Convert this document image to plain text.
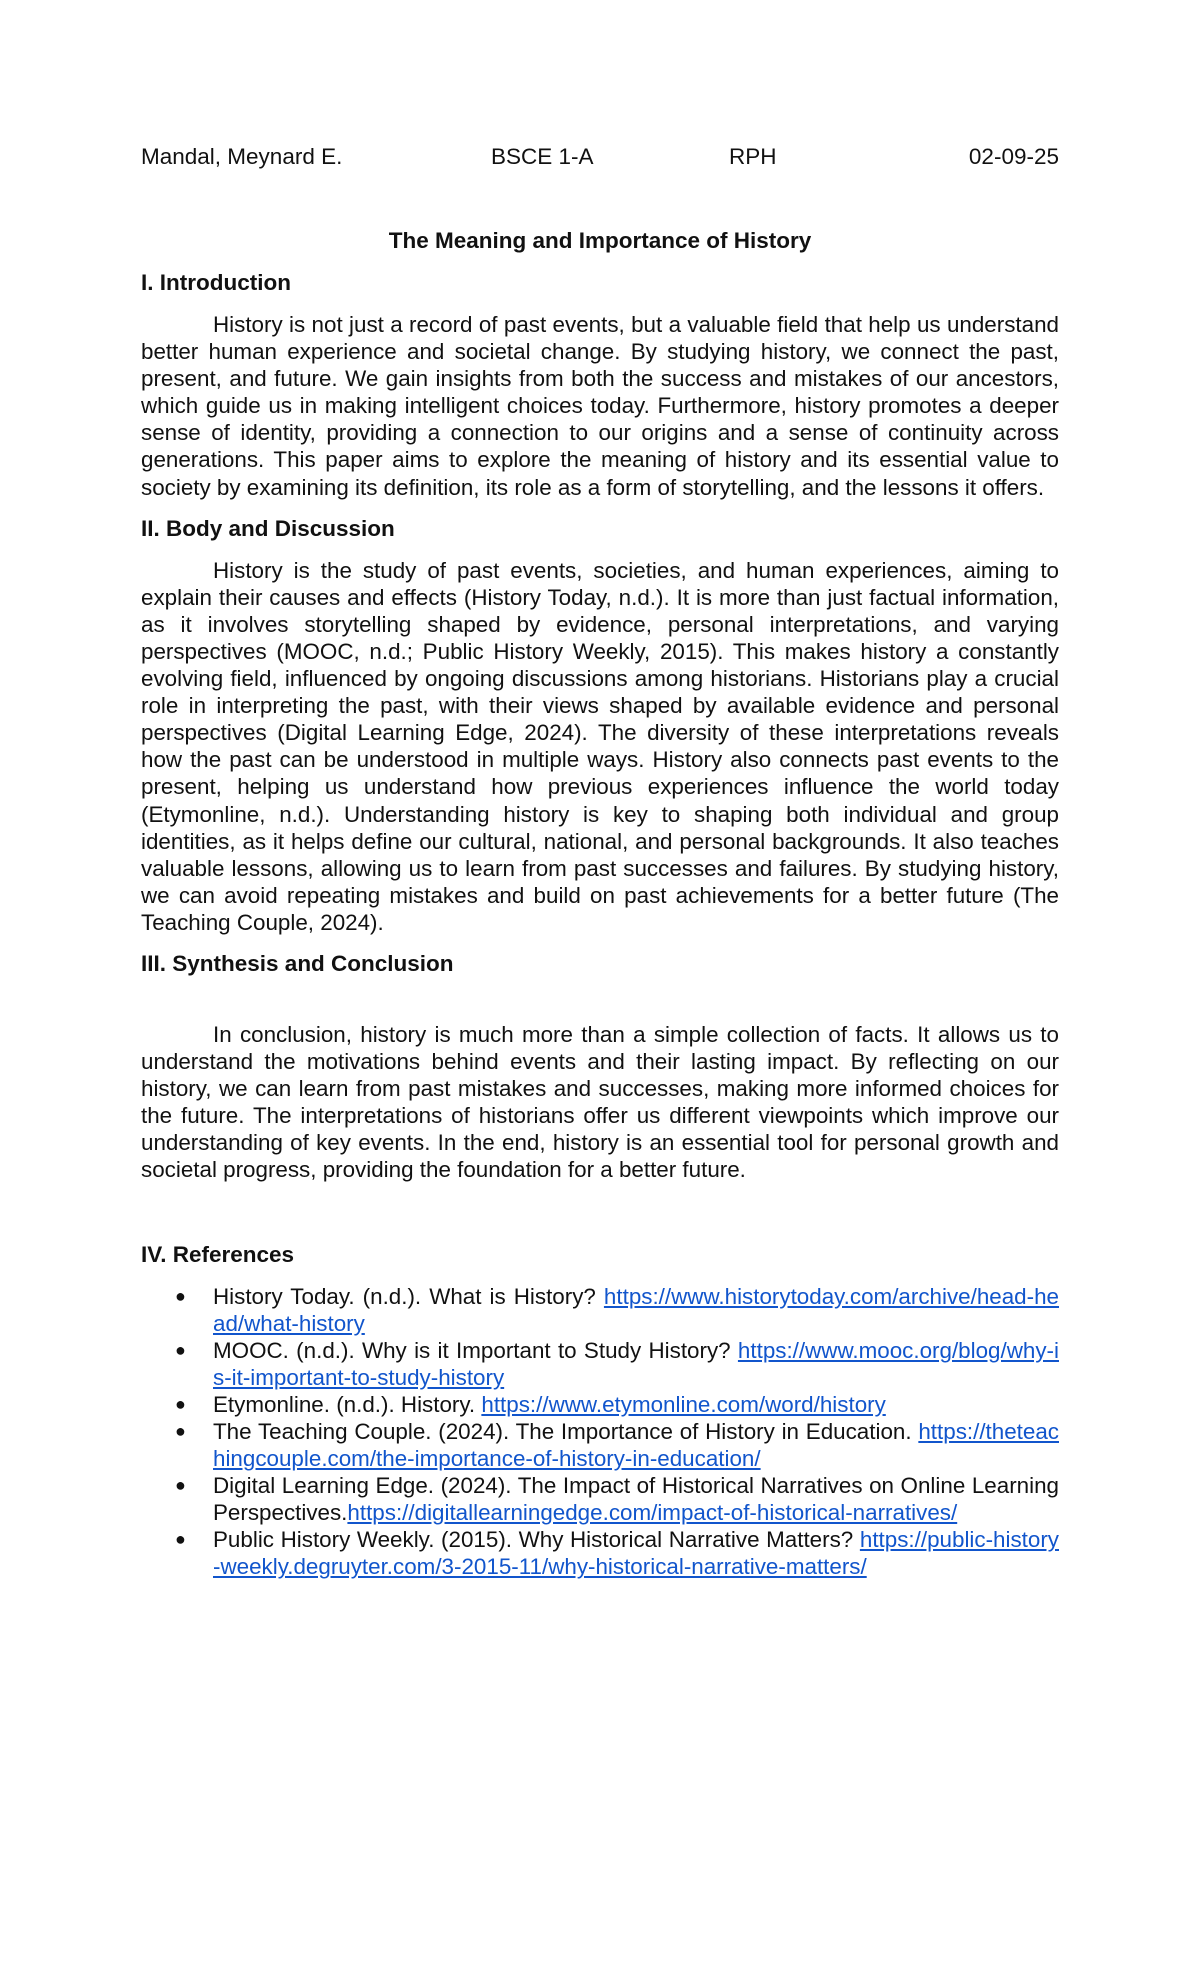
Mandal, Meynard E.	BSCE 1-A	RPH	02-09-25
The Meaning and Importance of History
I. Introduction

History is not just a record of past events, but a valuable field that help us understand better human experience and societal change. By studying history, we connect the past, present, and future. We gain insights from both the success and mistakes of our ancestors, which guide us in making intelligent choices today. Furthermore, history promotes a deeper sense of identity, providing a connection to our origins and a sense of continuity across generations. This paper aims to explore the meaning of history and its essential value to society by examining its definition, its role as a form of storytelling, and the lessons it offers.

II. Body and Discussion

History is the study of past events, societies, and human experiences, aiming to explain their causes and effects (History Today, n.d.). It is more than just factual information, as it involves storytelling shaped by evidence, personal interpretations, and varying perspectives (MOOC, n.d.; Public History Weekly, 2015). This makes history a constantly evolving field, influenced by ongoing discussions among historians. Historians play a crucial role in interpreting the past, with their views shaped by available evidence and personal perspectives (Digital Learning Edge, 2024). The diversity of these interpretations reveals how the past can be understood in multiple ways. History also connects past events to the present, helping us understand how previous experiences influence the world today (Etymonline, n.d.). Understanding history is key to shaping both individual and group identities, as it helps define our cultural, national, and personal backgrounds. It also teaches valuable lessons, allowing us to learn from past successes and failures. By studying history, we can avoid repeating mistakes and build on past achievements for a better future (The Teaching Couple, 2024).

III. Synthesis and Conclusion

In conclusion, history is much more than a simple collection of facts. It allows us to understand the motivations behind events and their lasting impact. By reflecting on our history, we can learn from past mistakes and successes, making more informed choices for the future. The interpretations of historians offer us different viewpoints which improve our understanding of key events. In the end, history is an essential tool for personal growth and societal progress, providing the foundation for a better future.

IV. References
● History Today. (n.d.). What is History? https://www.historytoday.com/archive/head-head/what-history
● MOOC. (n.d.). Why is it Important to Study History? https://www.mooc.org/blog/why-is-it-important-to-study-history
● Etymonline. (n.d.). History. https://www.etymonline.com/word/history
● The Teaching Couple. (2024). The Importance of History in Education. https://theteachingcouple.com/the-importance-of-history-in-education/
● Digital Learning Edge. (2024). The Impact of Historical Narratives on Online Learning Perspectives.https://digitallearningedge.com/impact-of-historical-narratives/
● Public History Weekly. (2015). Why Historical Narrative Matters? https://public-history-weekly.degruyter.com/3-2015-11/why-historical-narrative-matters/
